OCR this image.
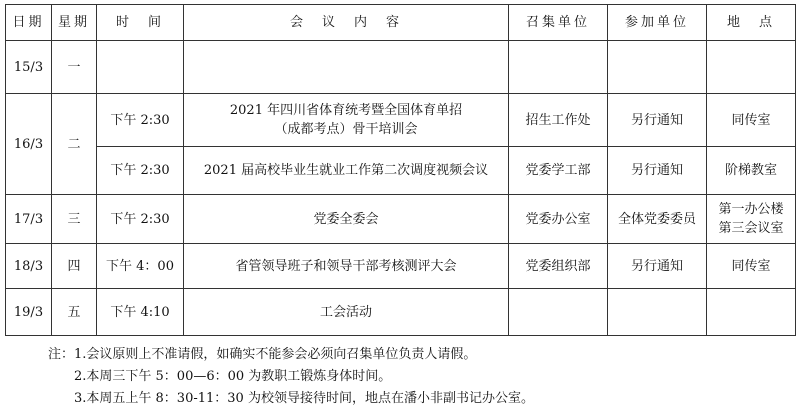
日期	星期	时　间	会　议　内　容	召集单位	参加单位	地　点
15/3	一		

16/3	二	下午 2:30	2021 年四川省体育统考暨全国体育单招
（成都考点）骨干培训会	招生工作处	另行通知	同传室

		下午 2:30	2021 届高校毕业生就业工作第二次调度视频会议	党委学工部	另行通知	阶梯教室

17/3	三	下午 2:30	党委全委会	党委办公室	全体党委委员	第一办公楼
第三会议室

18/3	四	下午 4：00	省管领导班子和领导干部考核测评大会	党委组织部	另行通知	同传室

19/3	五	下午 4:10	工会活动			

注：1.会议原则上不准请假，如确实不能参会必须向召集单位负责人请假。
2.本周三下午 5：00—6：00 为教职工锻炼身体时间。
3.本周五上午 8：30-11：30 为校领导接待时间，地点在潘小非副书记办公室。
